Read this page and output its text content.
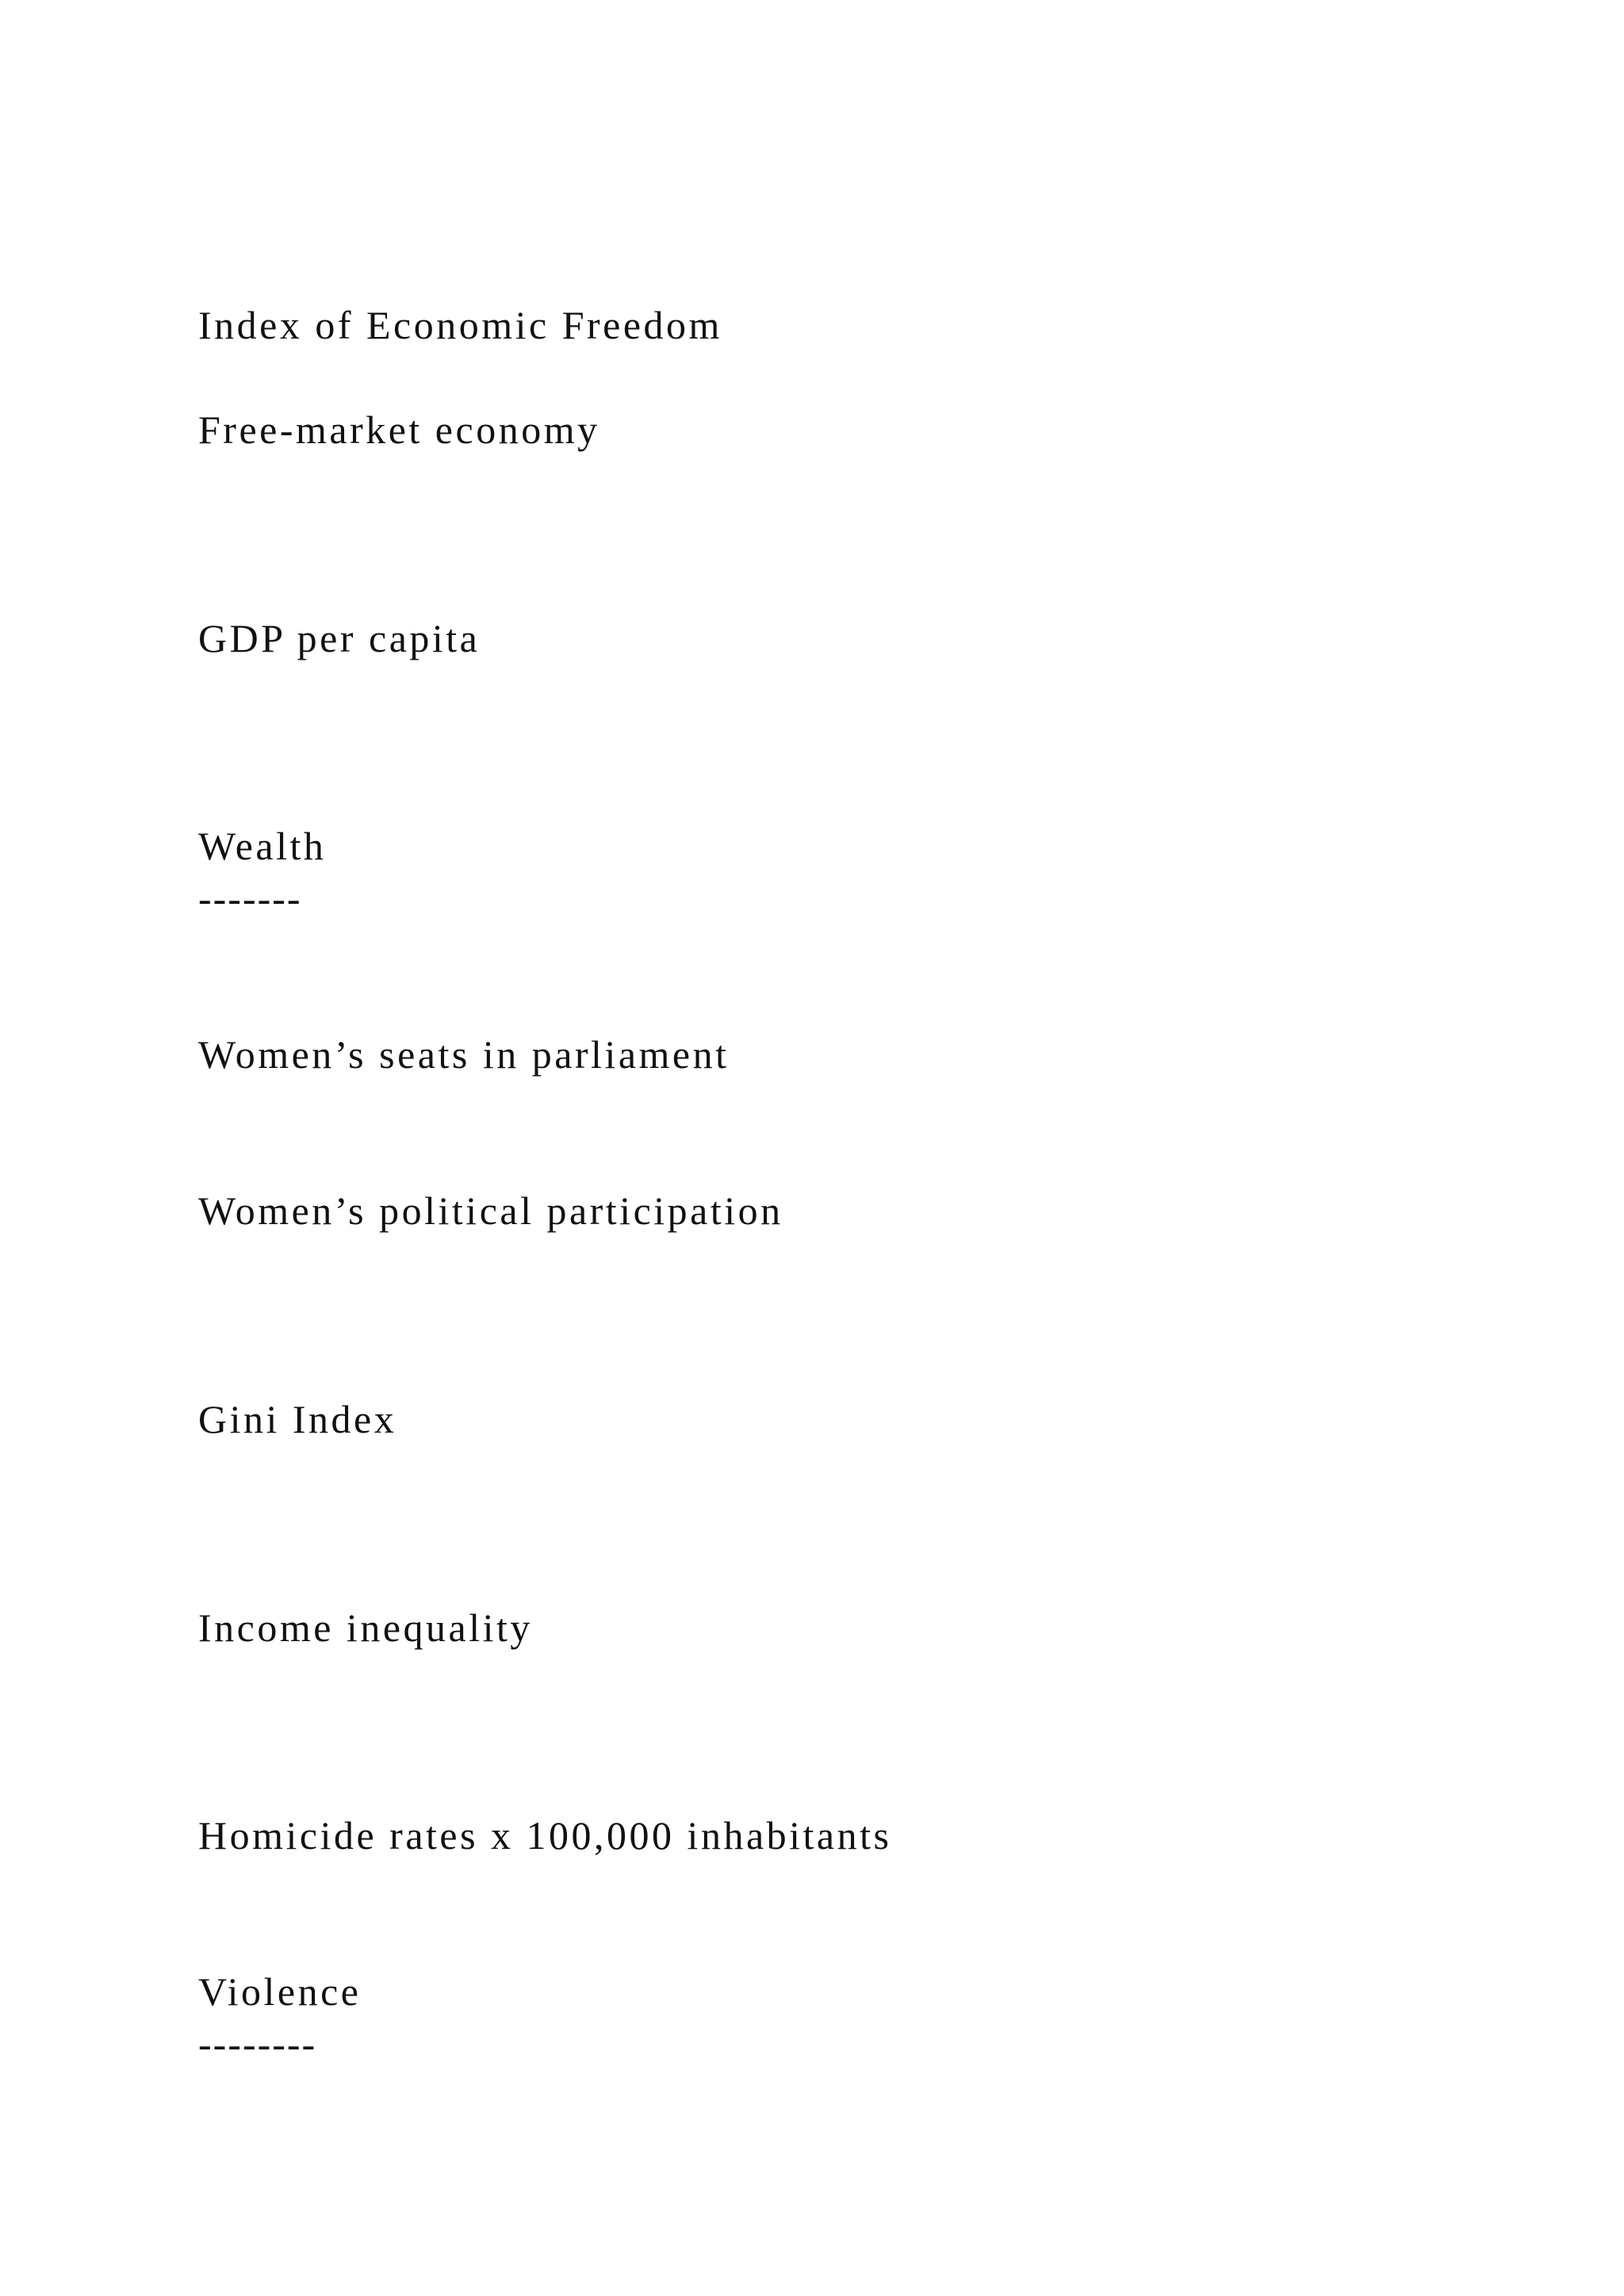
Index of Economic Freedom
Free-market economy
GDP per capita
Wealth
-------
Women’s seats in parliament
Women’s political participation
Gini Index
Income inequality
Homicide rates x 100,000 inhabitants
Violence
--------
